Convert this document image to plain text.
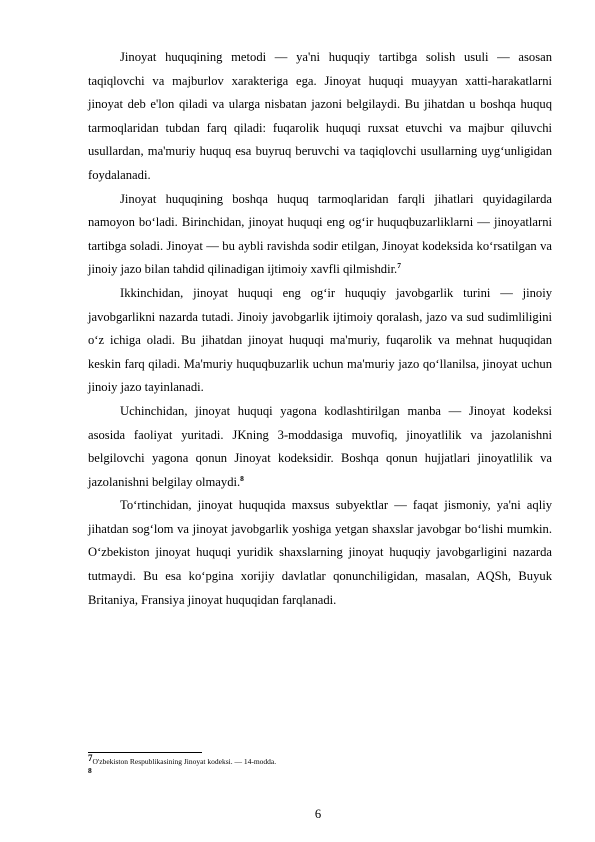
Jinoyat huquqining metodi — ya'ni huquqiy tartibga solish usuli — asosan taqiqlovchi va majburlov xarakteriga ega. Jinoyat huquqi muayyan xatti-harakatlarni jinoyat deb e'lon qiladi va ularga nisbatan jazoni belgilaydi. Bu jihatdan u boshqa huquq tarmoqlaridan tubdan farq qiladi: fuqarolik huquqi ruxsat etuvchi va majbur qiluvchi usullardan, ma'muriy huquq esa buyruq beruvchi va taqiqlovchi usullarning uyg‘unligidan foydalanadi.

Jinoyat huquqining boshqa huquq tarmoqlaridan farqli jihatlari quyidagilarda namoyon bo‘ladi. Birinchidan, jinoyat huquqi eng og‘ir huquqbuzarliklarni — jinoyatlarni tartibga soladi. Jinoyat — bu aybli ravishda sodir etilgan, Jinoyat kodeksida ko‘rsatilgan va jinoiy jazo bilan tahdid qilinadigan ijtimoiy xavfli qilmishdir.$^7$

Ikkinchidan, jinoyat huquqi eng og‘ir huquqiy javobgarlik turini — jinoiy javobgarlikni nazarda tutadi. Jinoiy javobgarlik ijtimoiy qoralash, jazo va sud sudimliligini o‘z ichiga oladi. Bu jihatdan jinoyat huquqi ma'muriy, fuqarolik va mehnat huquqidan keskin farq qiladi. Ma'muriy huquqbuzarlik uchun ma'muriy jazo qo‘llanilsa, jinoyat uchun jinoiy jazo tayinlanadi.

Uchinchidan, jinoyat huquqi yagona kodlashtirilgan manba — Jinoyat kodeksi asosida faoliyat yuritadi. JKning 3-moddasiga muvofiq, jinoyatlilik va jazolanishni belgilovchi yagona qonun Jinoyat kodeksidir. Boshqa qonun hujjatlari jinoyatlilik va jazolanishni belgilay olmaydi.$^8$

To‘rtinchidan, jinoyat huquqida maxsus subyektlar — faqat jismoniy, ya'ni aqliy jihatdan sog‘lom va jinoyat javobgarlik yoshiga yetgan shaxslar javobgar bo‘lishi mumkin. O‘zbekiston jinoyat huquqi yuridik shaxslarning jinoyat huquqiy javobgarligini nazarda tutmaydi. Bu esa ko‘pgina xorijiy davlatlar qonunchiligidan, masalan, AQSh, Buyuk Britaniya, Fransiya jinoyat huquqidan farqlanadi.

7O'zbekiston Respublikasining Jinoyat kodeksi. — 14-modda.
8
6
